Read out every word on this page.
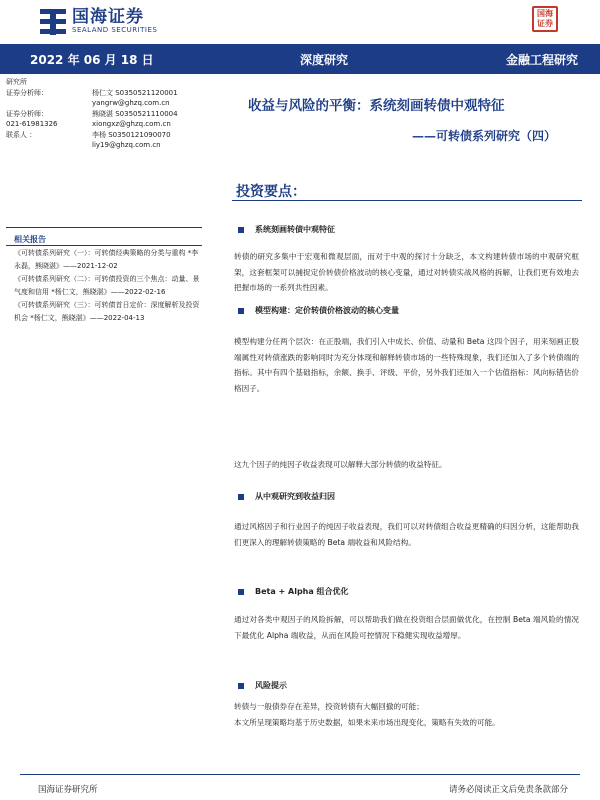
国海证券
SEALAND SECURITIES
国海
证券
2022 年 06 月 18 日	深度研究	金融工程研究
研究所
证券分析师：	杨仁文 S0350521120001
yangrw@ghzq.com.cn
证券分析师：	熊晓湛 S0350521110004
021-61981326	xiongxz@ghzq.com.cn
联系人 ：	李杨 S0350121090070
liy19@ghzq.com.cn
收益与风险的平衡：系统刻画转债中观特征
——可转债系列研究（四）
相关报告
《可转债系列研究（一）：可转债经典策略的分类与重构 *李永磊，熊晓湛》——2021-12-02
《可转债系列研究（二）：可转债投资的三个焦点：动量、景气度和信用 *杨仁文，熊晓湛》——2022-02-16
《可转债系列研究（三）：可转债首日定价：深度解析及投资机会 *杨仁文，熊晓湛》——2022-04-13
投资要点：
系统刻画转债中观特征
转债的研究多集中于宏观和微观层面，而对于中观的探讨十分缺乏，本文构建转债市场的中观研究框架，这套框架可以捕捉定价转债价格波动的核心变量，通过对转债实战风格的拆解，让我们更有效地去把握市场的一系列共性因素。
模型构建：定价转债价格波动的核心变量
模型构建分任两个层次：在正股端，我们引入中成长、价值、动量和 Beta 这四个因子，用来刻画正股端属性对转债涨跌的影响同时为充分体现和解释转债市场的一些特殊现象，我们还加入了多个转债端的指标。其中有四个基础指标，余额、换手、评级、平价，另外我们还加入一个估值指标：风向标错估价格因子。
这九个因子的纯因子收益表现可以解释大部分转债的收益特征。
从中观研究到收益归因
通过风格因子和行业因子的纯因子收益表现，我们可以对转债组合收益更精确的归因分析，这能帮助我们更深入的理解转债策略的 Beta 端收益和风险结构。
Beta + Alpha 组合优化
通过对各类中观因子的风险拆解，可以帮助我们做在投资组合层面做优化，在控制 Beta 端风险的情况下最优化 Alpha 端收益，从而在风险可控情况下稳健实现收益增厚。
风险提示
转债与一般债券存在差异，投资转债有大幅回撤的可能；
本文所呈现策略均基于历史数据，如果未来市场出现变化，策略有失效的可能。
国海证券研究所	请务必阅读正文后免责条款部分
